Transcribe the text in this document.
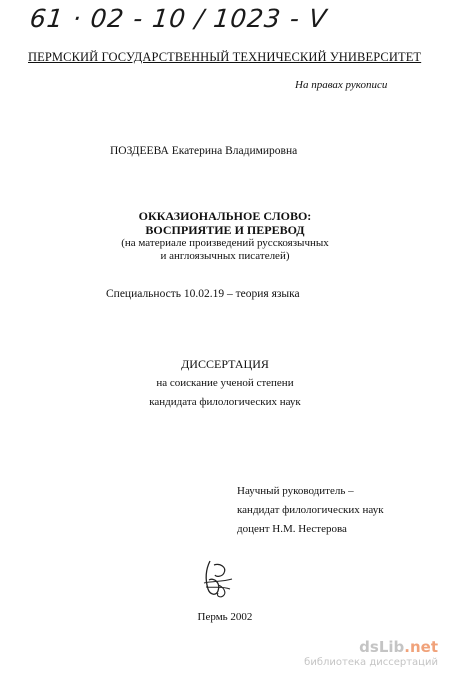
61 · 02 - 10 / 1023 - V
ПЕРМСКИЙ ГОСУДАРСТВЕННЫЙ ТЕХНИЧЕСКИЙ УНИВЕРСИТЕТ
На правах рукописи
ПОЗДЕЕВА Екатерина Владимировна
ОККАЗИОНАЛЬНОЕ СЛОВО:
ВОСПРИЯТИЕ И ПЕРЕВОД
(на материале произведений русскоязычных
и англоязычных писателей)
Специальность 10.02.19 – теория языка
ДИССЕРТАЦИЯ
на соискание ученой степени
кандидата филологических наук
Научный руководитель –
кандидат филологических наук
доцент Н.М. Нестерова
Пермь 2002
dsLib.net
библиотека диссертаций
